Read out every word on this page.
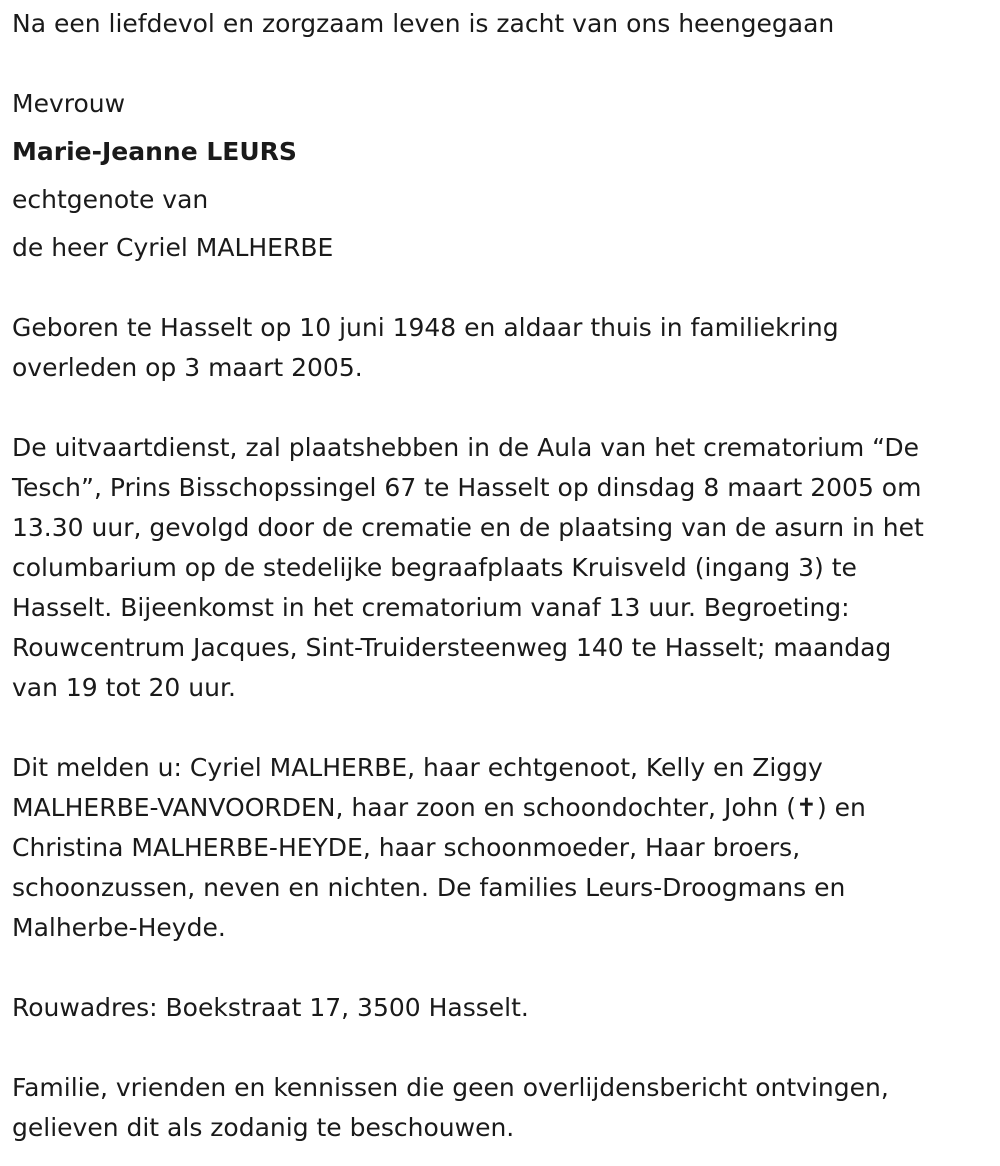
Na een liefdevol en zorgzaam leven is zacht van ons heengegaan

Mevrouw

Marie-Jeanne LEURS

echtgenote van

de heer Cyriel MALHERBE

Geboren te Hasselt op 10 juni 1948 en aldaar thuis in familiekring

overleden op 3 maart 2005.

De uitvaartdienst, zal plaatshebben in de Aula van het crematorium “De

Tesch”, Prins Bisschopssingel 67 te Hasselt op dinsdag 8 maart 2005 om

13.30 uur, gevolgd door de crematie en de plaatsing van de asurn in het

columbarium op de stedelijke begraafplaats Kruisveld (ingang 3) te

Hasselt. Bijeenkomst in het crematorium vanaf 13 uur. Begroeting:

Rouwcentrum Jacques, Sint-Truidersteenweg 140 te Hasselt; maandag

van 19 tot 20 uur.

Dit melden u: Cyriel MALHERBE, haar echtgenoot, Kelly en Ziggy

MALHERBE-VANVOORDEN, haar zoon en schoondochter, John (✝) en

Christina MALHERBE-HEYDE, haar schoonmoeder, Haar broers,

schoonzussen, neven en nichten. De families Leurs-Droogmans en

Malherbe-Heyde.

Rouwadres: Boekstraat 17, 3500 Hasselt.

Familie, vrienden en kennissen die geen overlijdensbericht ontvingen,

gelieven dit als zodanig te beschouwen.
